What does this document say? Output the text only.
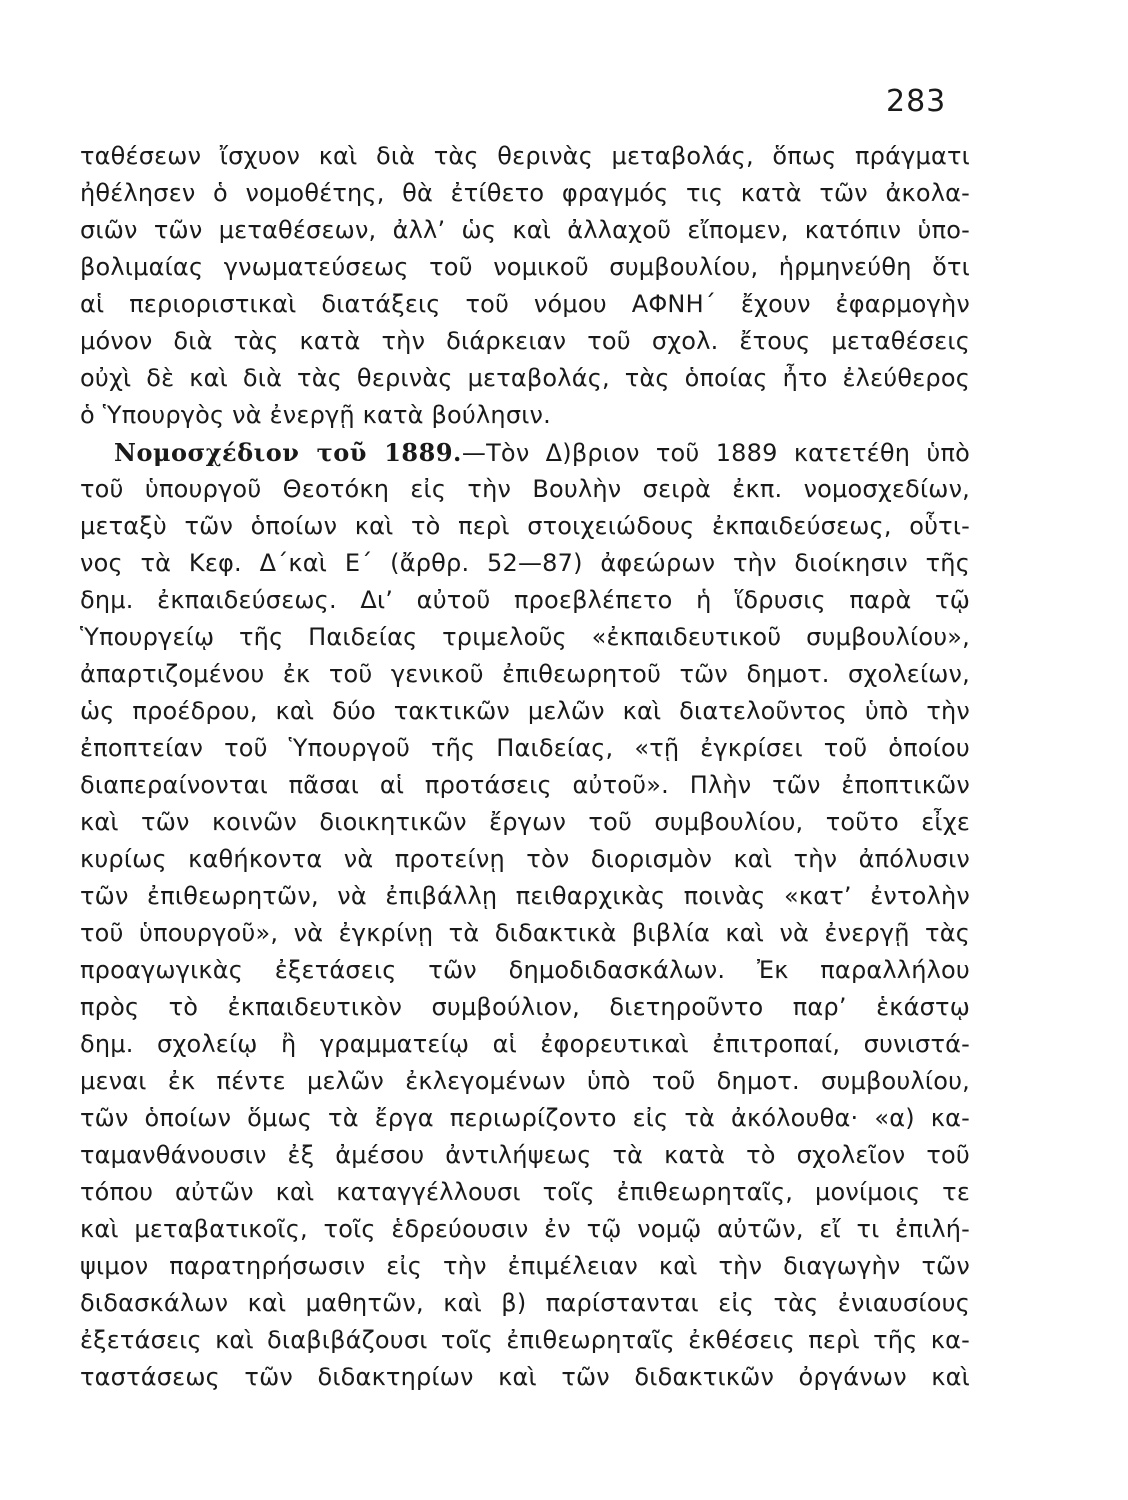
283
ταθέσεων ἴσχυον καὶ διὰ τὰς θερινὰς μεταβολάς, ὅπως πράγματι
ἠθέλησεν ὁ νομοθέτης, θὰ ἐτίθετο φραγμός τις κατὰ τῶν ἀκολα-
σιῶν τῶν μεταθέσεων, ἀλλ’ ὡς καὶ ἀλλαχοῦ εἴπομεν, κατόπιν ὑπο-
βολιμαίας γνωματεύσεως τοῦ νομικοῦ συμβουλίου, ἡρμηνεύθη ὅτι
αἱ περιοριστικαὶ διατάξεις τοῦ νόμου ΑΦΝΗ΄ ἔχουν ἐφαρμογὴν
μόνον διὰ τὰς κατὰ τὴν διάρκειαν τοῦ σχολ. ἔτους μεταθέσεις
οὐχὶ δὲ καὶ διὰ τὰς θερινὰς μεταβολάς, τὰς ὁποίας ἦτο ἐλεύθερος
ὁ Ὑπουργὸς νὰ ἐνεργῇ κατὰ βούλησιν.
Νομοσχέδιον τοῦ 1889.—Τὸν Δ)βριον τοῦ 1889 κατετέθη ὑπὸ
τοῦ ὑπουργοῦ Θεοτόκη εἰς τὴν Βουλὴν σειρὰ ἐκπ. νομοσχεδίων,
μεταξὺ τῶν ὁποίων καὶ τὸ περὶ στοιχειώδους ἐκπαιδεύσεως, οὗτι-
νος τὰ Κεφ. Δ΄καὶ Ε΄ (ἄρθρ. 52—87) ἀφεώρων τὴν διοίκησιν τῆς
δημ. ἐκπαιδεύσεως. Δι’ αὐτοῦ προεβλέπετο ἡ ἵδρυσις παρὰ τῷ
Ὑπουργείῳ τῆς Παιδείας τριμελοῦς «ἐκπαιδευτικοῦ συμβουλίου»,
ἀπαρτιζομένου ἐκ τοῦ γενικοῦ ἐπιθεωρητοῦ τῶν δημοτ. σχολείων,
ὡς προέδρου, καὶ δύο τακτικῶν μελῶν καὶ διατελοῦντος ὑπὸ τὴν
ἐποπτείαν τοῦ Ὑπουργοῦ τῆς Παιδείας, «τῇ ἐγκρίσει τοῦ ὁποίου
διαπεραίνονται πᾶσαι αἱ προτάσεις αὐτοῦ». Πλὴν τῶν ἐποπτικῶν
καὶ τῶν κοινῶν διοικητικῶν ἔργων τοῦ συμβουλίου, τοῦτο εἶχε
κυρίως καθήκοντα νὰ προτείνῃ τὸν διορισμὸν καὶ τὴν ἀπόλυσιν
τῶν ἐπιθεωρητῶν, νὰ ἐπιβάλλῃ πειθαρχικὰς ποινὰς «κατ’ ἐντολὴν
τοῦ ὑπουργοῦ», νὰ ἐγκρίνῃ τὰ διδακτικὰ βιβλία καὶ νὰ ἐνεργῇ τὰς
προαγωγικὰς ἐξετάσεις τῶν δημοδιδασκάλων. Ἐκ παραλλήλου
πρὸς τὸ ἐκπαιδευτικὸν συμβούλιον, διετηροῦντο παρ’ ἑκάστῳ
δημ. σχολείῳ ἢ γραμματείῳ αἱ ἐφορευτικαὶ ἐπιτροπαί, συνιστά-
μεναι ἐκ πέντε μελῶν ἐκλεγομένων ὑπὸ τοῦ δημοτ. συμβουλίου,
τῶν ὁποίων ὅμως τὰ ἔργα περιωρίζοντο εἰς τὰ ἀκόλουθα· «α) κα-
ταμανθάνουσιν ἐξ ἀμέσου ἀντιλήψεως τὰ κατὰ τὸ σχολεῖον τοῦ
τόπου αὐτῶν καὶ καταγγέλλουσι τοῖς ἐπιθεωρηταῖς, μονίμοις τε
καὶ μεταβατικοῖς, τοῖς ἑδρεύουσιν ἐν τῷ νομῷ αὐτῶν, εἴ τι ἐπιλή-
ψιμον παρατηρήσωσιν εἰς τὴν ἐπιμέλειαν καὶ τὴν διαγωγὴν τῶν
διδασκάλων καὶ μαθητῶν, καὶ β) παρίστανται εἰς τὰς ἐνιαυσίους
ἐξετάσεις καὶ διαβιβάζουσι τοῖς ἐπιθεωρηταῖς ἐκθέσεις περὶ τῆς κα-
ταστάσεως τῶν διδακτηρίων καὶ τῶν διδακτικῶν ὀργάνων καὶ
